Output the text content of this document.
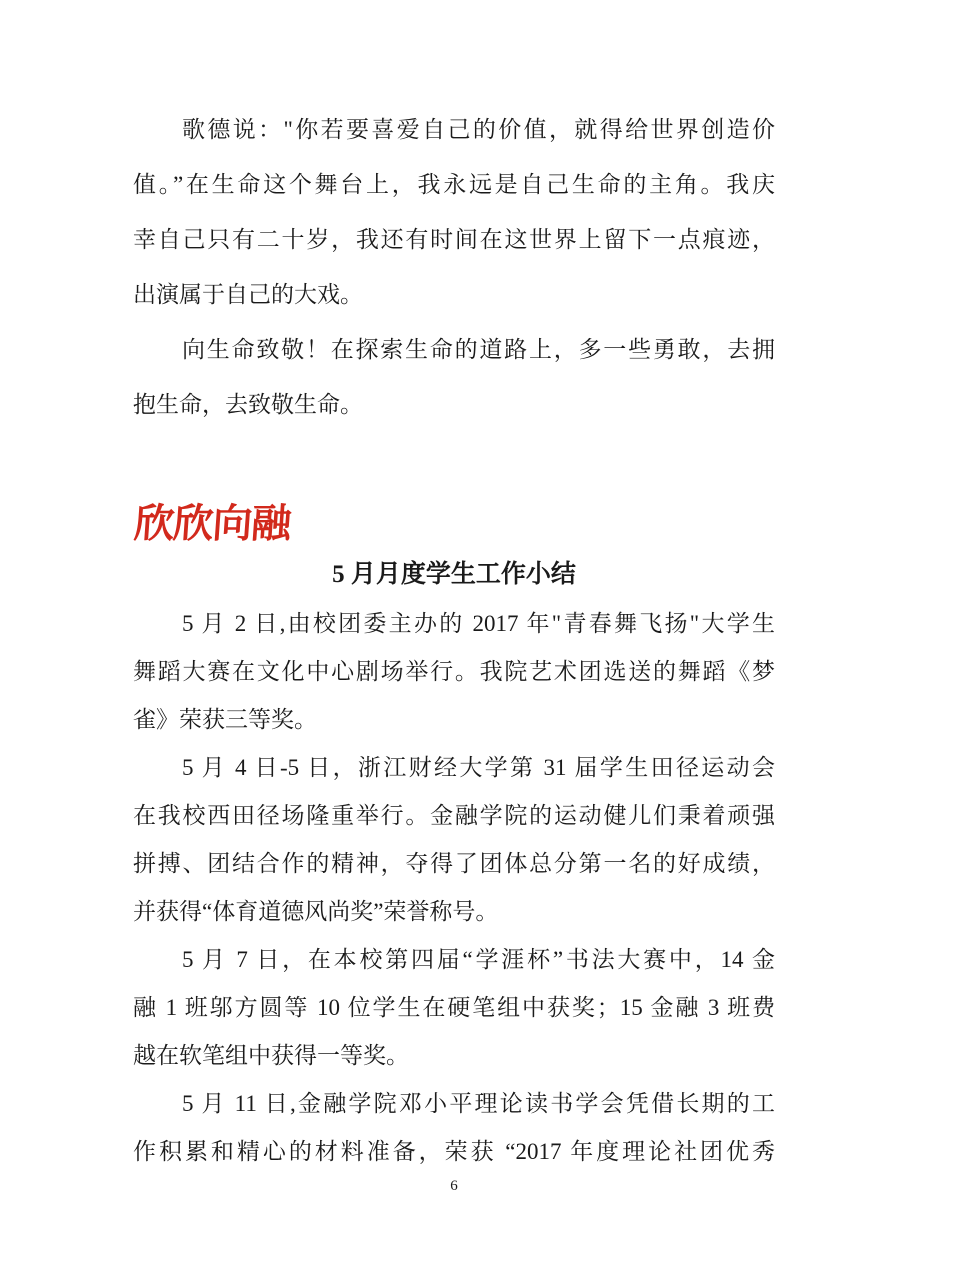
歌德说："你若要喜爱自己的价值，就得给世界创造价
值。”在生命这个舞台上，我永远是自己生命的主角。我庆
幸自己只有二十岁，我还有时间在这世界上留下一点痕迹，
出演属于自己的大戏。
向生命致敬！在探索生命的道路上，多一些勇敢，去拥
抱生命，去致敬生命。
欣欣向融
5 月月度学生工作小结
5 月 2 日,由校团委主办的 2017 年"青春舞飞扬"大学生
舞蹈大赛在文化中心剧场举行。我院艺术团选送的舞蹈《梦
雀》荣获三等奖。
5 月 4 日-5 日，浙江财经大学第 31 届学生田径运动会
在我校西田径场隆重举行。金融学院的运动健儿们秉着顽强
拼搏、团结合作的精神，夺得了团体总分第一名的好成绩，
并获得“体育道德风尚奖”荣誉称号。
5 月 7 日，在本校第四届“学涯杯”书法大赛中，14 金
融 1 班邬方圆等 10 位学生在硬笔组中获奖；15 金融 3 班费
越在软笔组中获得一等奖。
5 月 11 日,金融学院邓小平理论读书学会凭借长期的工
作积累和精心的材料准备，荣获 “2017 年度理论社团优秀
6
